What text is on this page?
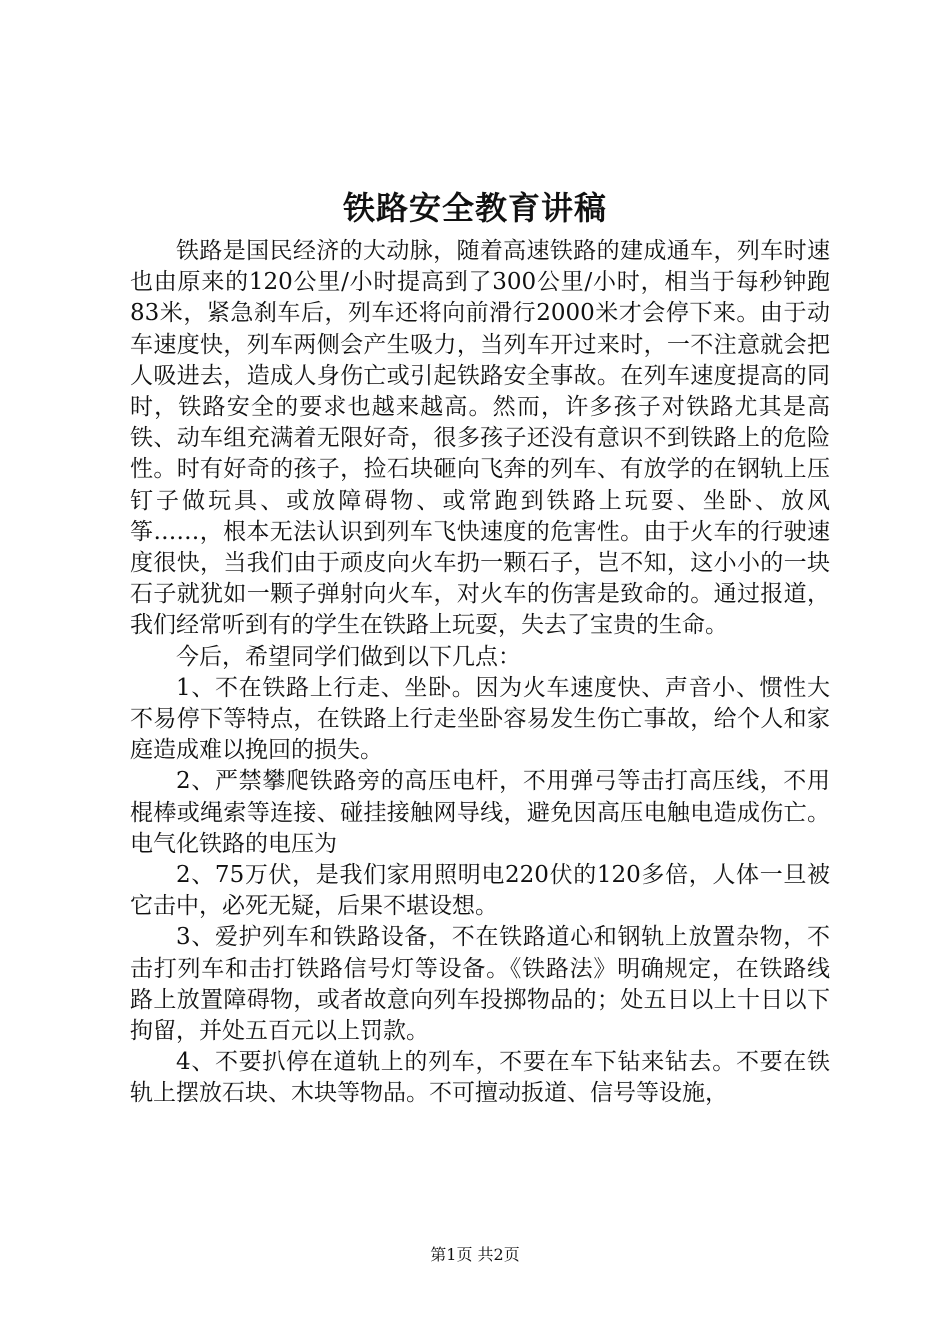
铁路安全教育讲稿

铁路是国民经济的大动脉，随着高速铁路的建成通车，列车时速也由原来的120公里/小时提高到了300公里/小时，相当于每秒钟跑83米，紧急刹车后，列车还将向前滑行2000米才会停下来。由于动车速度快，列车两侧会产生吸力，当列车开过来时，一不注意就会把人吸进去，造成人身伤亡或引起铁路安全事故。在列车速度提高的同时，铁路安全的要求也越来越高。然而，许多孩子对铁路尤其是高铁、动车组充满着无限好奇，很多孩子还没有意识不到铁路上的危险性。时有好奇的孩子，捡石块砸向飞奔的列车、有放学的在钢轨上压钉子做玩具、或放障碍物、或常跑到铁路上玩耍、坐卧、放风筝……，根本无法认识到列车飞快速度的危害性。由于火车的行驶速度很快，当我们由于顽皮向火车扔一颗石子，岂不知，这小小的一块石子就犹如一颗子弹射向火车，对火车的伤害是致命的。通过报道，我们经常听到有的学生在铁路上玩耍，失去了宝贵的生命。

今后，希望同学们做到以下几点：

1、不在铁路上行走、坐卧。因为火车速度快、声音小、惯性大不易停下等特点，在铁路上行走坐卧容易发生伤亡事故，给个人和家庭造成难以挽回的损失。

2、严禁攀爬铁路旁的高压电杆，不用弹弓等击打高压线，不用棍棒或绳索等连接、碰挂接触网导线，避免因高压电触电造成伤亡。电气化铁路的电压为

2、75万伏，是我们家用照明电220伏的120多倍，人体一旦被它击中，必死无疑，后果不堪设想。

3、爱护列车和铁路设备，不在铁路道心和钢轨上放置杂物，不击打列车和击打铁路信号灯等设备。《铁路法》明确规定，在铁路线路上放置障碍物，或者故意向列车投掷物品的；处五日以上十日以下拘留，并处五百元以上罚款。

4、不要扒停在道轨上的列车，不要在车下钻来钻去。不要在铁轨上摆放石块、木块等物品。不可擅动扳道、信号等设施，

第1页 共2页
